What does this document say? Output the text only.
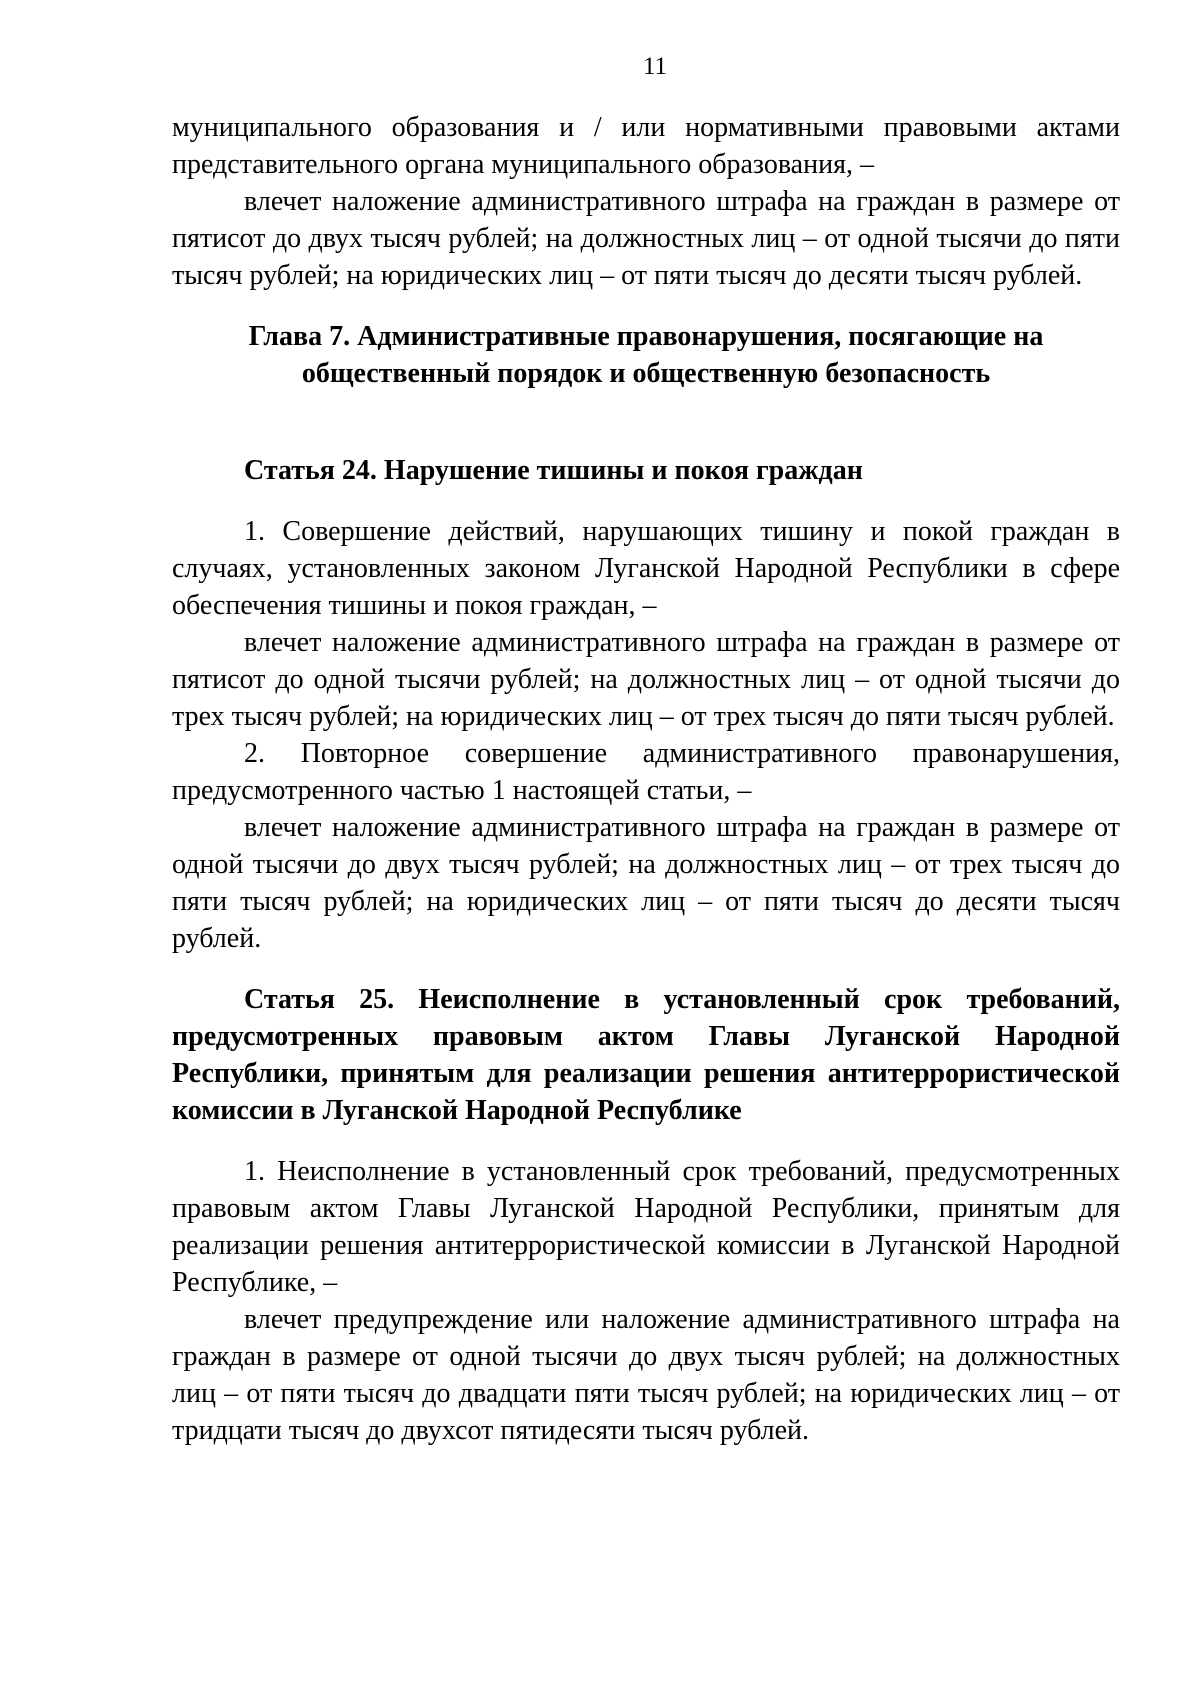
11

муниципального образования и / или нормативными правовыми актами представительного органа муниципального образования, –

влечет наложение административного штрафа на граждан в размере от пятисот до двух тысяч рублей; на должностных лиц – от одной тысячи до пяти тысяч рублей; на юридических лиц – от пяти тысяч до десяти тысяч рублей.

Глава 7. Административные правонарушения, посягающие на общественный порядок и общественную безопасность
Статья 24. Нарушение тишины и покоя граждан

1. Совершение действий, нарушающих тишину и покой граждан в случаях, установленных законом Луганской Народной Республики в сфере обеспечения тишины и покоя граждан, –

влечет наложение административного штрафа на граждан в размере от пятисот до одной тысячи рублей; на должностных лиц – от одной тысячи до трех тысяч рублей; на юридических лиц – от трех тысяч до пяти тысяч рублей.

2. Повторное совершение административного правонарушения, предусмотренного частью 1 настоящей статьи, –

влечет наложение административного штрафа на граждан в размере от одной тысячи до двух тысяч рублей; на должностных лиц – от трех тысяч до пяти тысяч рублей; на юридических лиц – от пяти тысяч до десяти тысяч рублей.

Статья 25. Неисполнение в установленный срок требований, предусмотренных правовым актом Главы Луганской Народной Республики, принятым для реализации решения антитеррористической комиссии в Луганской Народной Республике

1. Неисполнение в установленный срок требований, предусмотренных правовым актом Главы Луганской Народной Республики, принятым для реализации решения антитеррористической комиссии в Луганской Народной Республике, –

влечет предупреждение или наложение административного штрафа на граждан в размере от одной тысячи до двух тысяч рублей; на должностных лиц – от пяти тысяч до двадцати пяти тысяч рублей; на юридических лиц – от тридцати тысяч до двухсот пятидесяти тысяч рублей.
